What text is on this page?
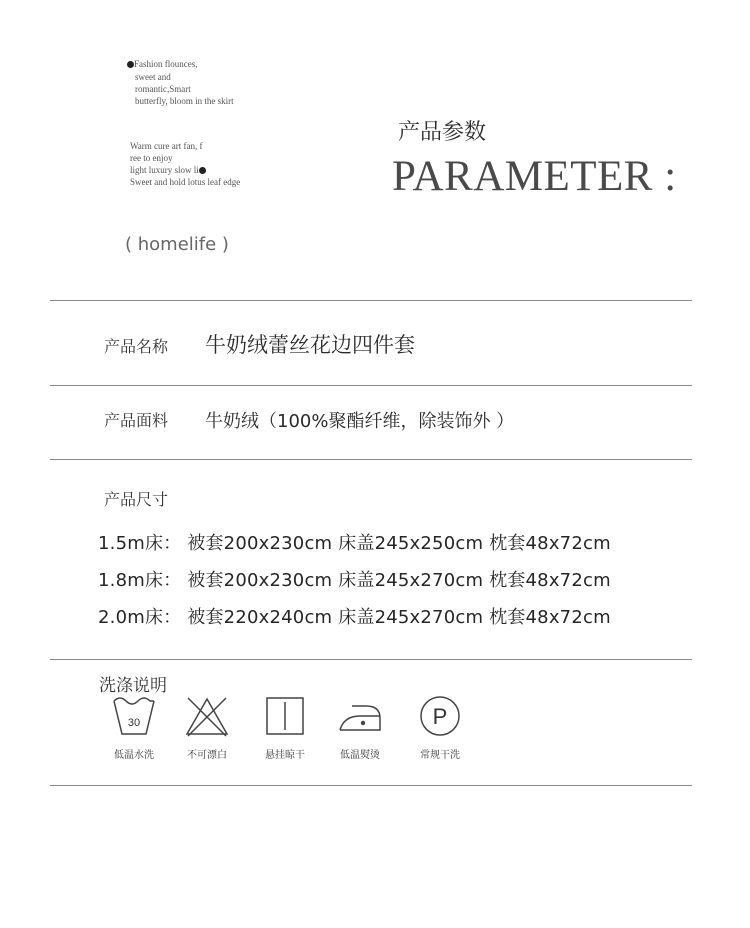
Fashion flounces,
sweet and
romantic,Smart
butterfly, bloom in the skirt
Warm cure art fan, f
ree to enjoy
light luxury slow li
Sweet and hold lotus leaf edge
( homelife )
产品参数
PARAMETER :
产品名称 牛奶绒蕾丝花边四件套
产品面料 牛奶绒（100%聚酯纤维，除装饰外 ）
产品尺寸
1.5m床： 被套200x230cm 床盖245x250cm 枕套48x72cm
1.8m床： 被套200x230cm 床盖245x270cm 枕套48x72cm
2.0m床： 被套220x240cm 床盖245x270cm 枕套48x72cm
洗涤说明
30
低温水洗	不可漂白	悬挂晾干	低温熨烫
P
常规干洗
